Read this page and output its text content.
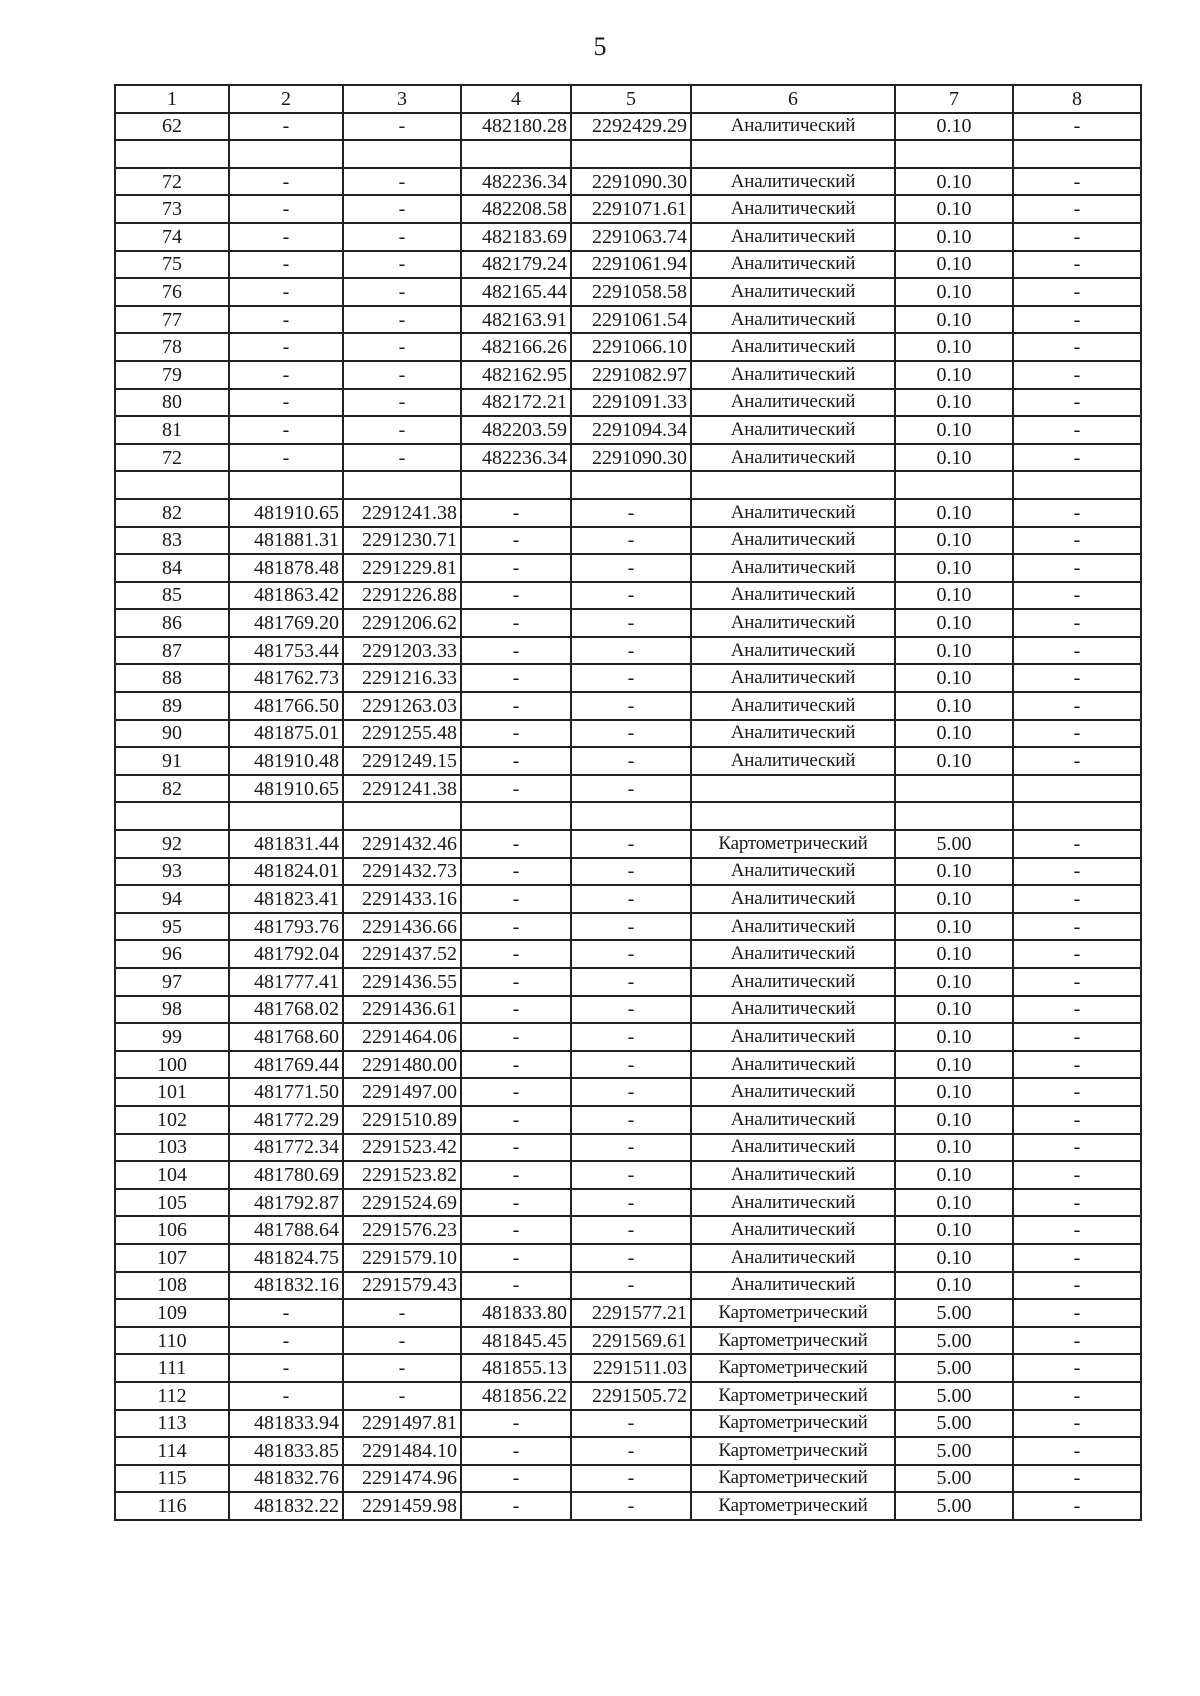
5
1	2	3	4	5	6	7	8
62	-	-	482180.28	2292429.29	Аналитический	0.10	-

72	-	-	482236.34	2291090.30	Аналитический	0.10	-
73	-	-	482208.58	2291071.61	Аналитический	0.10	-
74	-	-	482183.69	2291063.74	Аналитический	0.10	-
75	-	-	482179.24	2291061.94	Аналитический	0.10	-
76	-	-	482165.44	2291058.58	Аналитический	0.10	-
77	-	-	482163.91	2291061.54	Аналитический	0.10	-
78	-	-	482166.26	2291066.10	Аналитический	0.10	-
79	-	-	482162.95	2291082.97	Аналитический	0.10	-
80	-	-	482172.21	2291091.33	Аналитический	0.10	-
81	-	-	482203.59	2291094.34	Аналитический	0.10	-
72	-	-	482236.34	2291090.30	Аналитический	0.10	-

82	481910.65	2291241.38	-	-	Аналитический	0.10	-
83	481881.31	2291230.71	-	-	Аналитический	0.10	-
84	481878.48	2291229.81	-	-	Аналитический	0.10	-
85	481863.42	2291226.88	-	-	Аналитический	0.10	-
86	481769.20	2291206.62	-	-	Аналитический	0.10	-
87	481753.44	2291203.33	-	-	Аналитический	0.10	-
88	481762.73	2291216.33	-	-	Аналитический	0.10	-
89	481766.50	2291263.03	-	-	Аналитический	0.10	-
90	481875.01	2291255.48	-	-	Аналитический	0.10	-
91	481910.48	2291249.15	-	-	Аналитический	0.10	-
82	481910.65	2291241.38	-	-			

92	481831.44	2291432.46	-	-	Картометрический	5.00	-
93	481824.01	2291432.73	-	-	Аналитический	0.10	-
94	481823.41	2291433.16	-	-	Аналитический	0.10	-
95	481793.76	2291436.66	-	-	Аналитический	0.10	-
96	481792.04	2291437.52	-	-	Аналитический	0.10	-
97	481777.41	2291436.55	-	-	Аналитический	0.10	-
98	481768.02	2291436.61	-	-	Аналитический	0.10	-
99	481768.60	2291464.06	-	-	Аналитический	0.10	-
100	481769.44	2291480.00	-	-	Аналитический	0.10	-
101	481771.50	2291497.00	-	-	Аналитический	0.10	-
102	481772.29	2291510.89	-	-	Аналитический	0.10	-
103	481772.34	2291523.42	-	-	Аналитический	0.10	-
104	481780.69	2291523.82	-	-	Аналитический	0.10	-
105	481792.87	2291524.69	-	-	Аналитический	0.10	-
106	481788.64	2291576.23	-	-	Аналитический	0.10	-
107	481824.75	2291579.10	-	-	Аналитический	0.10	-
108	481832.16	2291579.43	-	-	Аналитический	0.10	-
109	-	-	481833.80	2291577.21	Картометрический	5.00	-
110	-	-	481845.45	2291569.61	Картометрический	5.00	-
111	-	-	481855.13	2291511.03	Картометрический	5.00	-
112	-	-	481856.22	2291505.72	Картометрический	5.00	-
113	481833.94	2291497.81	-	-	Картометрический	5.00	-
114	481833.85	2291484.10	-	-	Картометрический	5.00	-
115	481832.76	2291474.96	-	-	Картометрический	5.00	-
116	481832.22	2291459.98	-	-	Картометрический	5.00	-
